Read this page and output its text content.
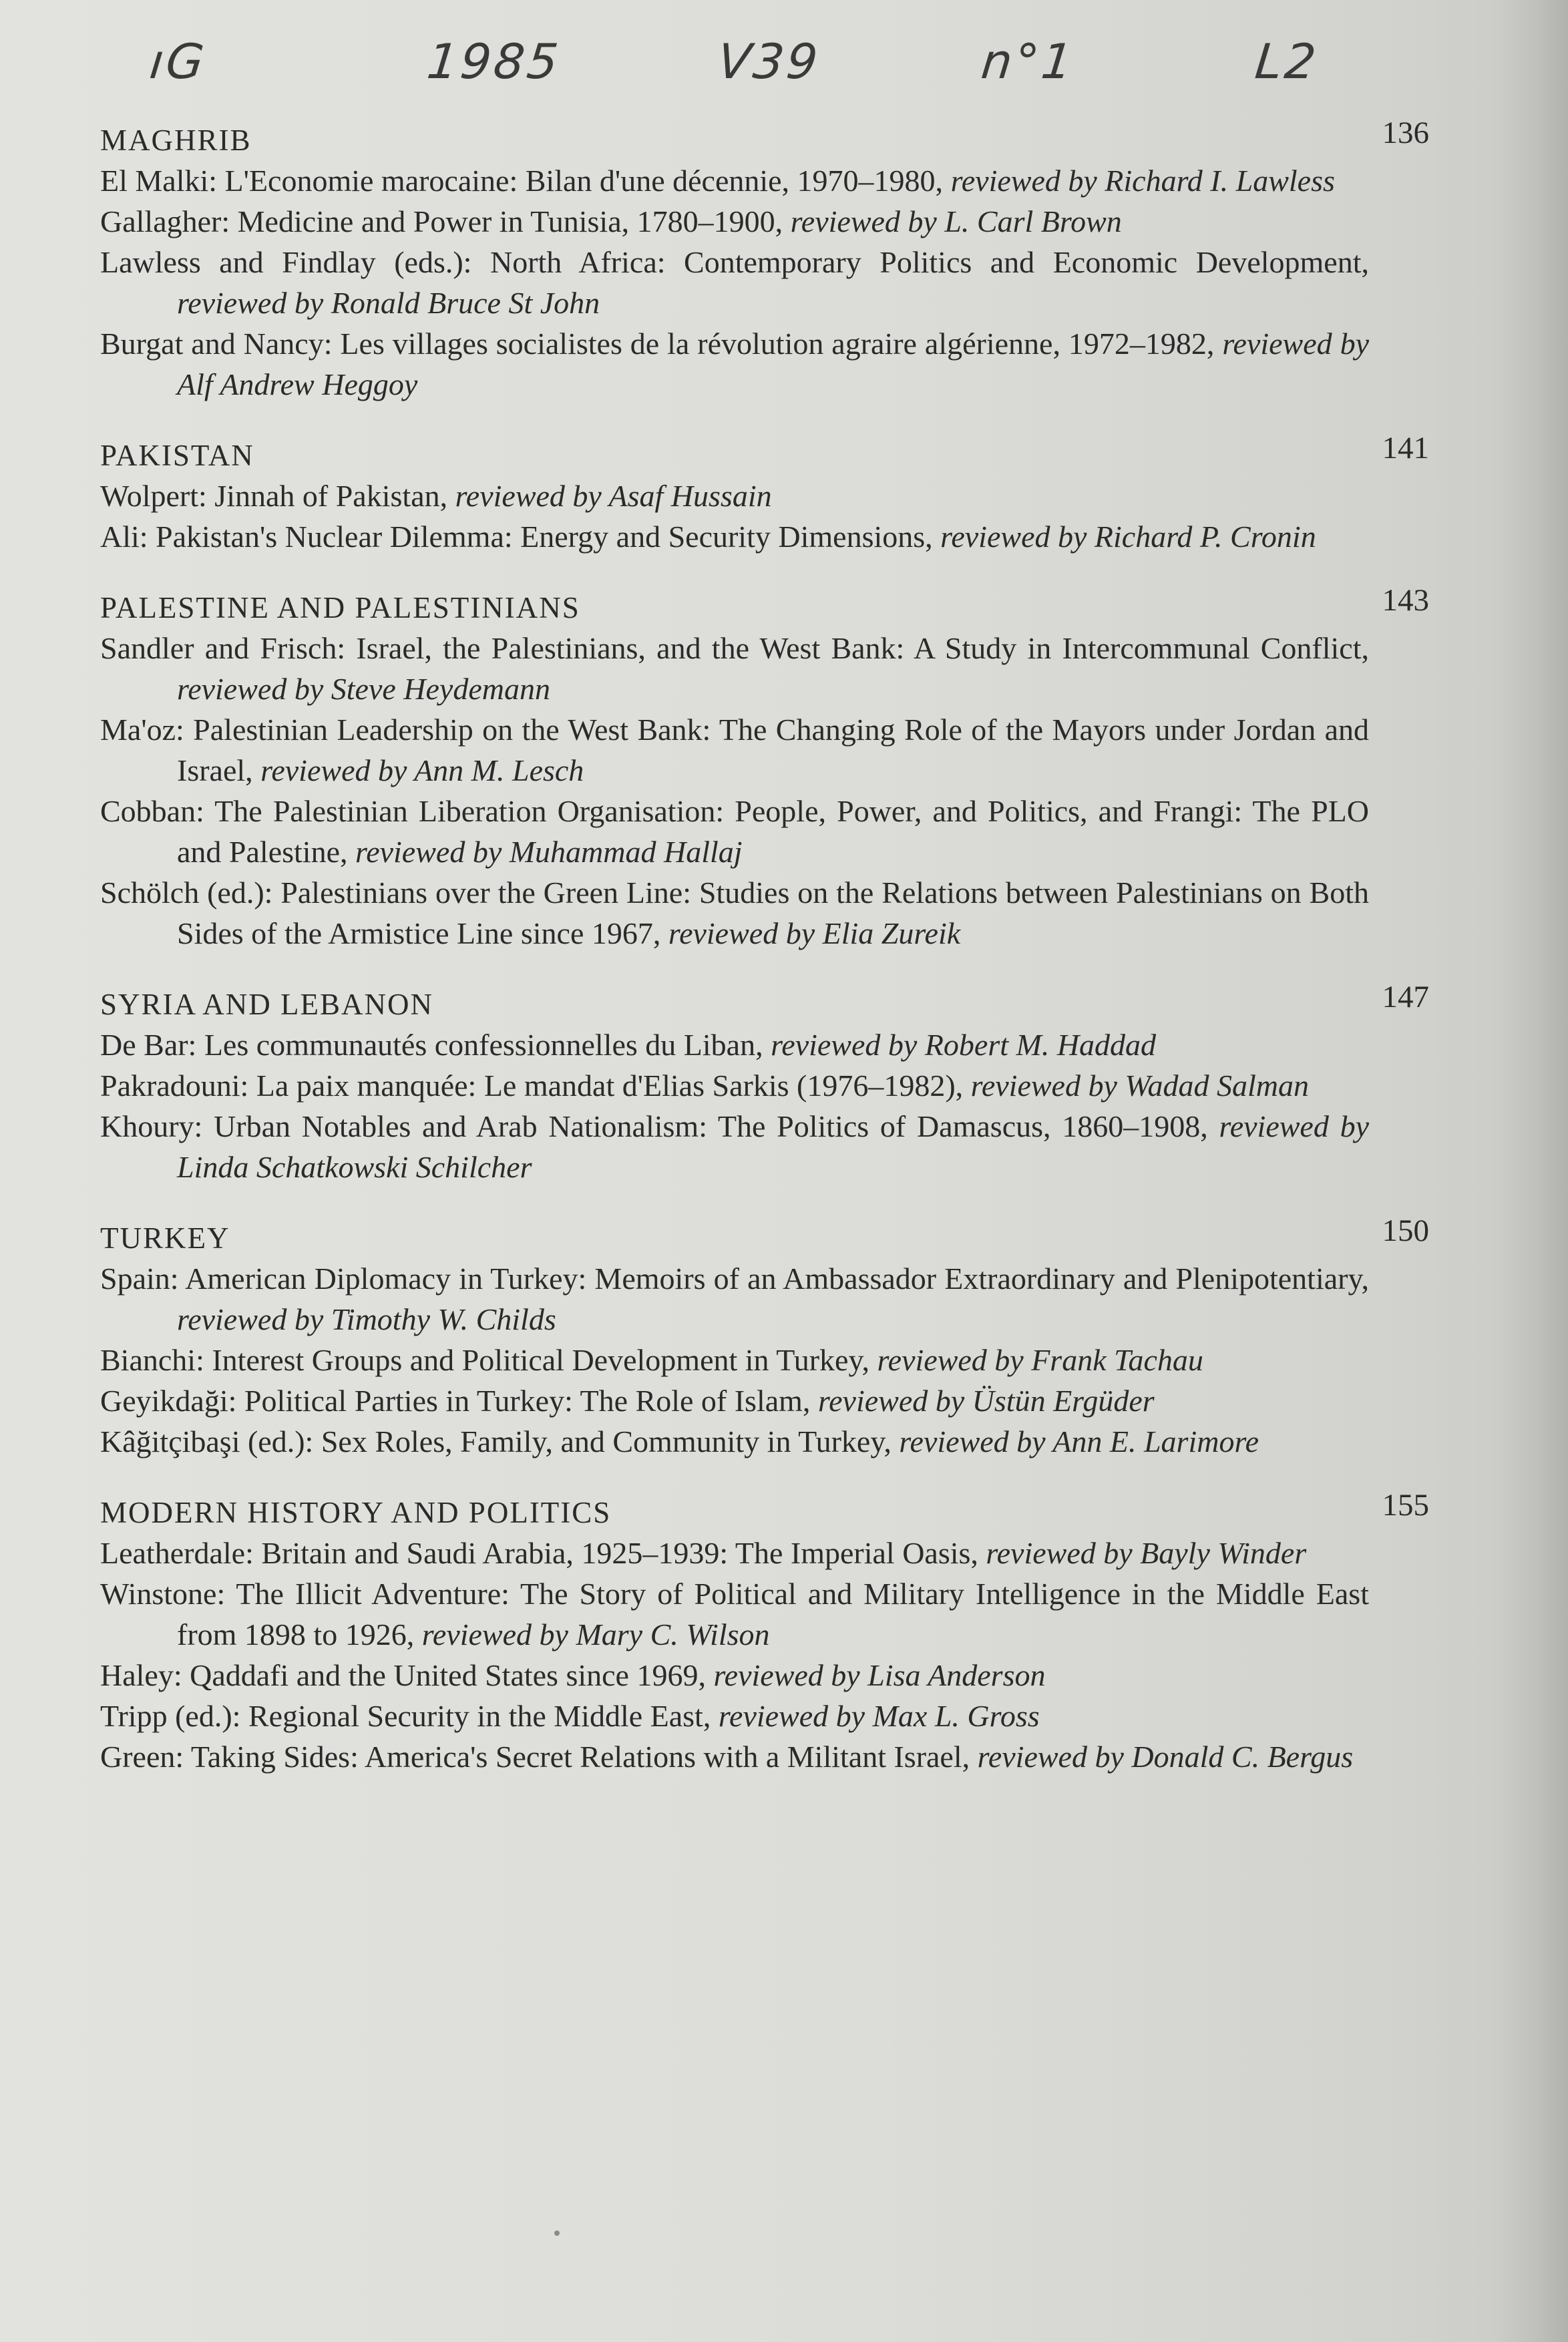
ıG	1985	V39	n°1	L2
MAGHRIB	136
El Malki: L'Economie marocaine: Bilan d'une décennie, 1970–1980, reviewed by Richard I. Lawless
Gallagher: Medicine and Power in Tunisia, 1780–1900, reviewed by L. Carl Brown
Lawless and Findlay (eds.): North Africa: Contemporary Politics and Economic Development, reviewed by Ronald Bruce St John
Burgat and Nancy: Les villages socialistes de la révolution agraire algérienne, 1972–1982, reviewed by Alf Andrew Heggoy
PAKISTAN	141
Wolpert: Jinnah of Pakistan, reviewed by Asaf Hussain
Ali: Pakistan's Nuclear Dilemma: Energy and Security Dimensions, reviewed by Richard P. Cronin
PALESTINE AND PALESTINIANS	143
Sandler and Frisch: Israel, the Palestinians, and the West Bank: A Study in Intercommunal Conflict, reviewed by Steve Heydemann
Ma'oz: Palestinian Leadership on the West Bank: The Changing Role of the Mayors under Jordan and Israel, reviewed by Ann M. Lesch
Cobban: The Palestinian Liberation Organisation: People, Power, and Politics, and Frangi: The PLO and Palestine, reviewed by Muhammad Hallaj
Schölch (ed.): Palestinians over the Green Line: Studies on the Relations between Palestinians on Both Sides of the Armistice Line since 1967, reviewed by Elia Zureik
SYRIA AND LEBANON	147
De Bar: Les communautés confessionnelles du Liban, reviewed by Robert M. Haddad
Pakradouni: La paix manquée: Le mandat d'Elias Sarkis (1976–1982), reviewed by Wadad Salman
Khoury: Urban Notables and Arab Nationalism: The Politics of Damascus, 1860–1908, reviewed by Linda Schatkowski Schilcher
TURKEY	150
Spain: American Diplomacy in Turkey: Memoirs of an Ambassador Extraordinary and Plenipotentiary, reviewed by Timothy W. Childs
Bianchi: Interest Groups and Political Development in Turkey, reviewed by Frank Tachau
Geyikdaği: Political Parties in Turkey: The Role of Islam, reviewed by Üstün Ergüder
Kâğitçibaşi (ed.): Sex Roles, Family, and Community in Turkey, reviewed by Ann E. Larimore
MODERN HISTORY AND POLITICS	155
Leatherdale: Britain and Saudi Arabia, 1925–1939: The Imperial Oasis, reviewed by Bayly Winder
Winstone: The Illicit Adventure: The Story of Political and Military Intelligence in the Middle East from 1898 to 1926, reviewed by Mary C. Wilson
Haley: Qaddafi and the United States since 1969, reviewed by Lisa Anderson
Tripp (ed.): Regional Security in the Middle East, reviewed by Max L. Gross
Green: Taking Sides: America's Secret Relations with a Militant Israel, reviewed by Donald C. Bergus
